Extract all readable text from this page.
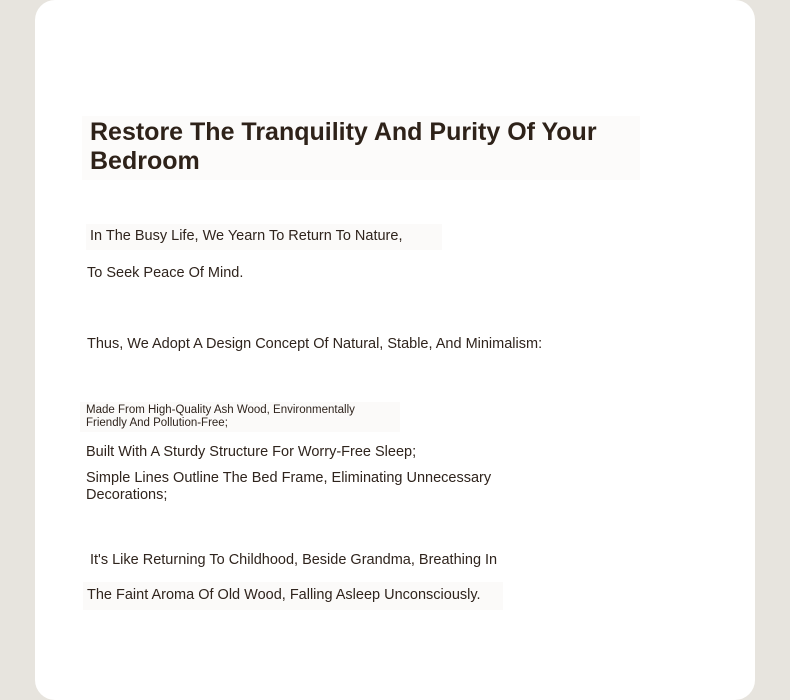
Restore The Tranquility And Purity Of Your Bedroom

In The Busy Life, We Yearn To Return To Nature,

To Seek Peace Of Mind.

Thus, We Adopt A Design Concept Of Natural, Stable, And Minimalism:

Made From High-Quality Ash Wood, Environmentally Friendly And Pollution-Free;

Built With A Sturdy Structure For Worry-Free Sleep;

Simple Lines Outline The Bed Frame, Eliminating Unnecessary Decorations;

It's Like Returning To Childhood, Beside Grandma, Breathing In

The Faint Aroma Of Old Wood, Falling Asleep Unconsciously.
